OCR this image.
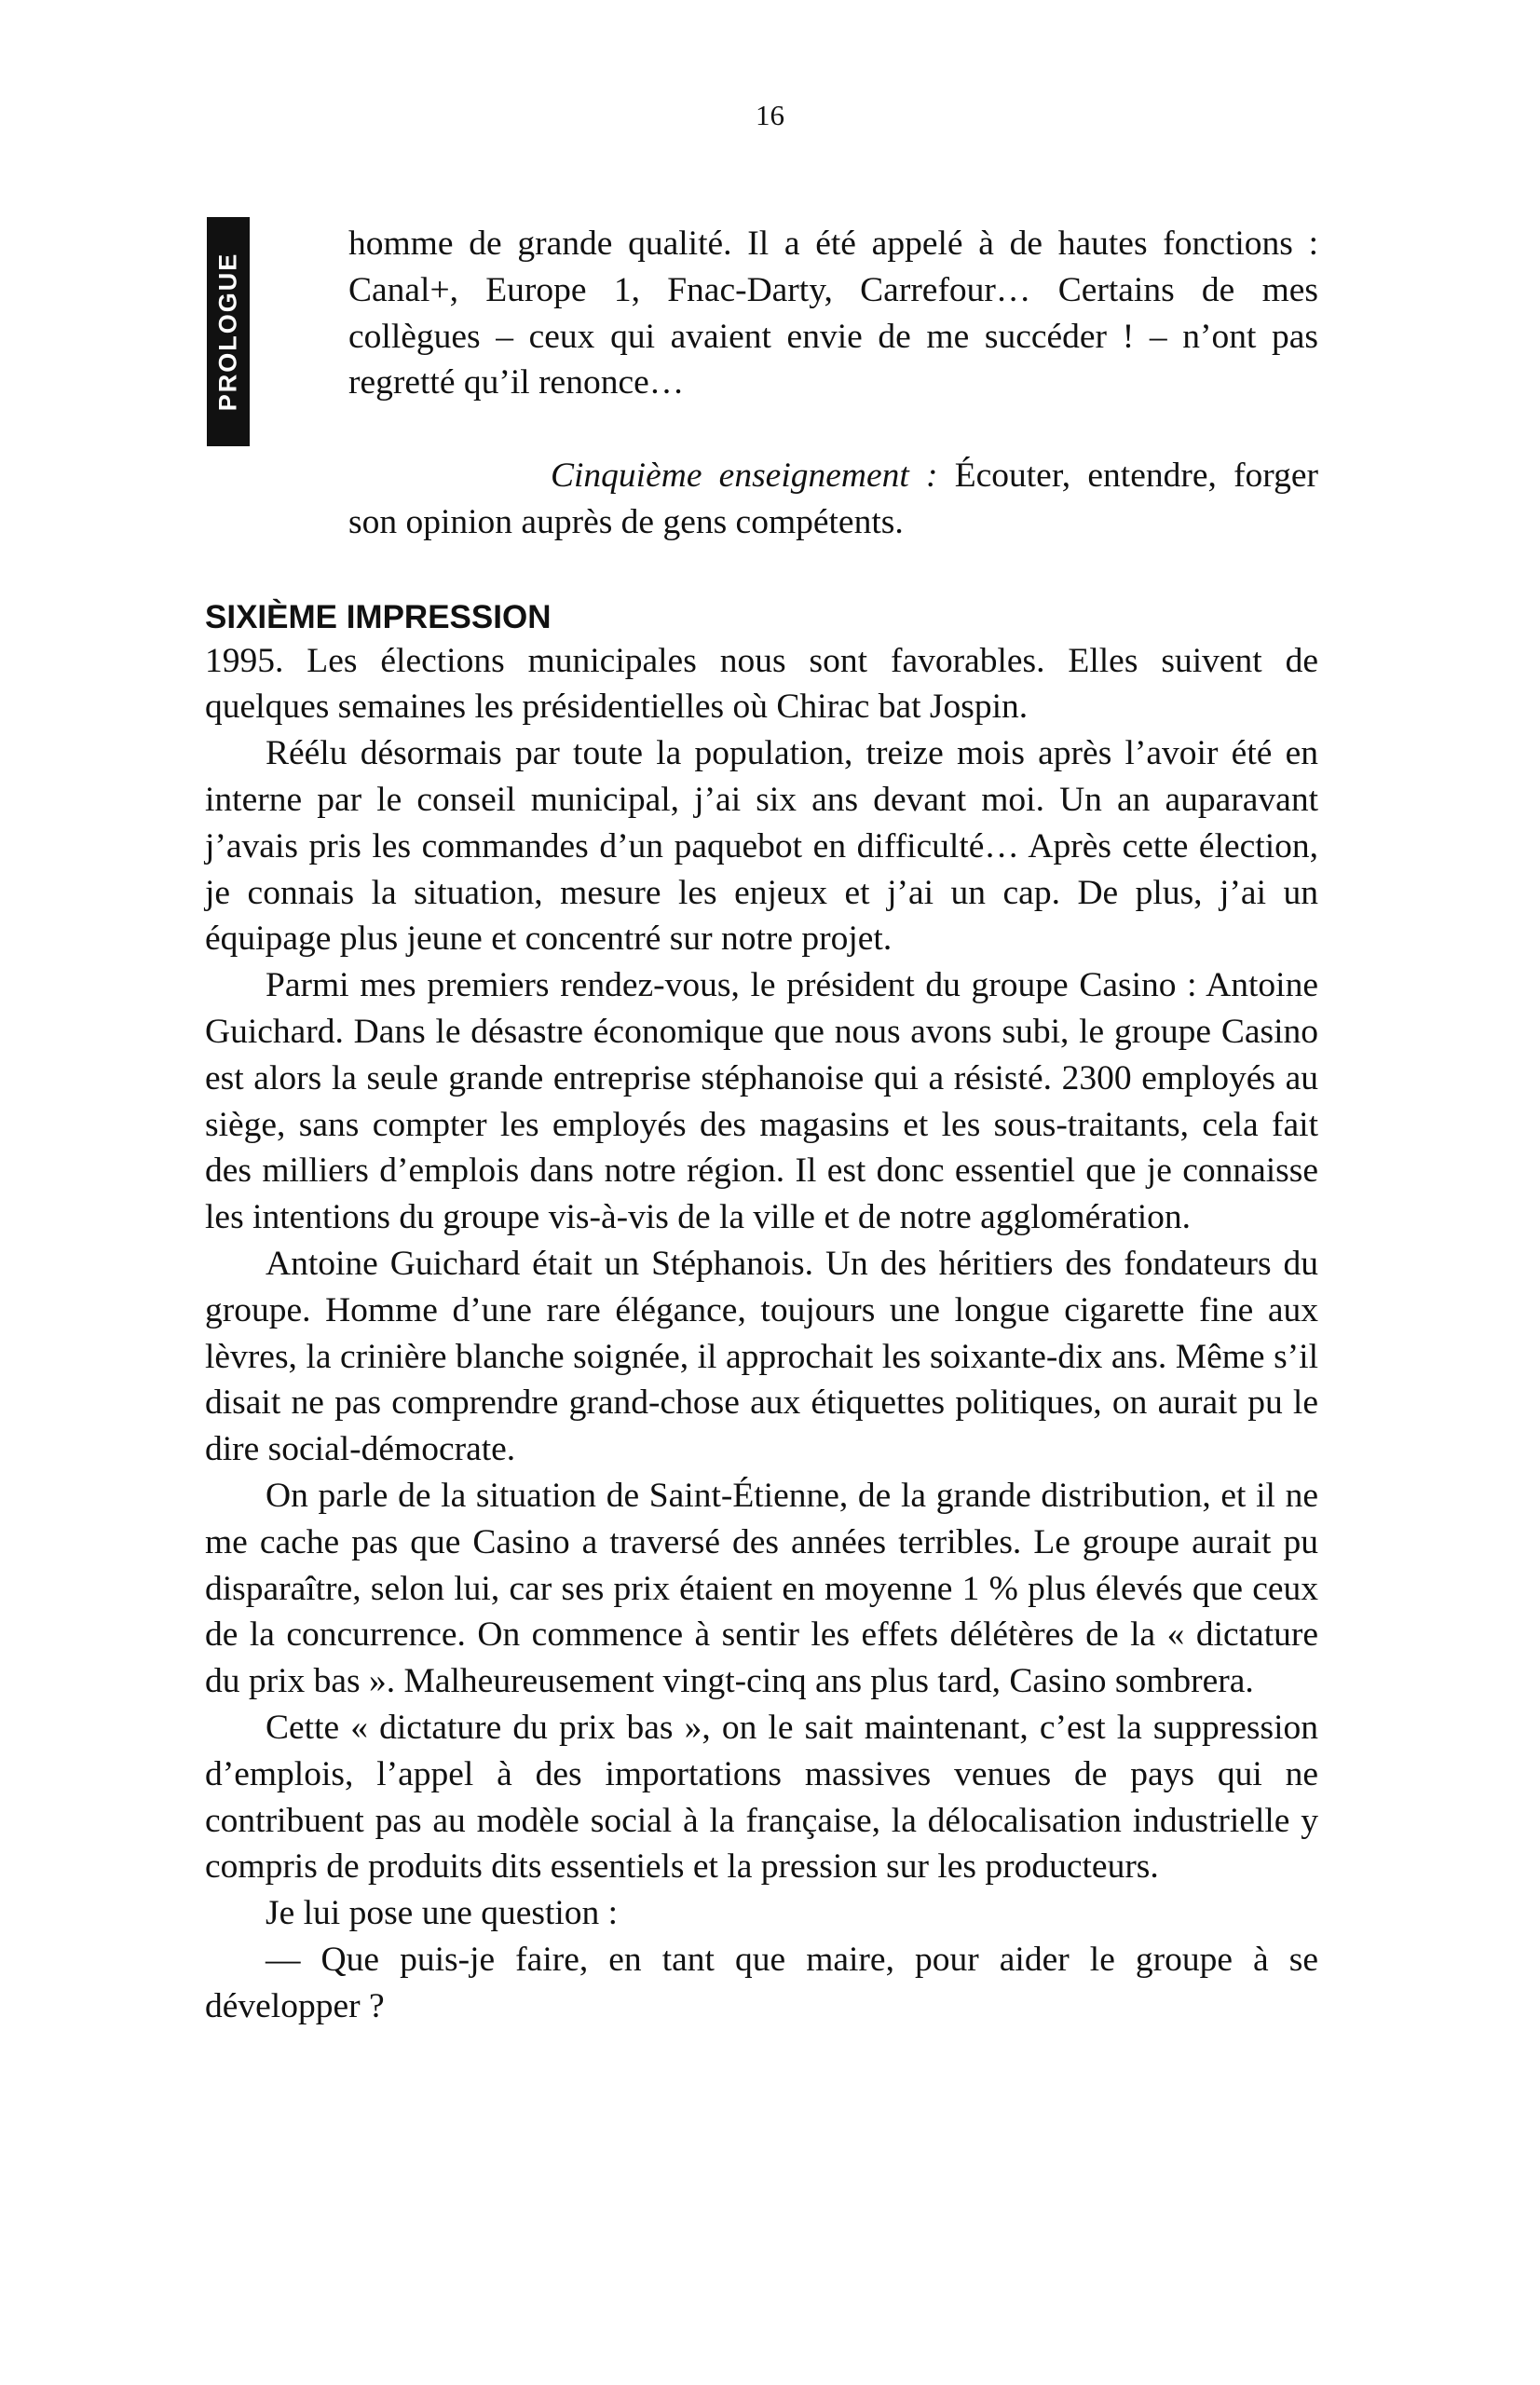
16
PROLOGUE

homme de grande qualité. Il a été appelé à de hautes fonctions : Canal+, Europe 1, Fnac-Darty, Carrefour… Certains de mes collègues – ceux qui avaient envie de me succéder ! – n’ont pas regretté qu’il renonce…

Cinquième enseignement : Écouter, entendre, forger son opinion auprès de gens compétents.

SIXIÈME IMPRESSION

1995. Les élections municipales nous sont favorables. Elles suivent de quelques semaines les présidentielles où Chirac bat Jospin.

Réélu désormais par toute la population, treize mois après l’avoir été en interne par le conseil municipal, j’ai six ans devant moi. Un an auparavant j’avais pris les commandes d’un paquebot en difficulté… Après cette élection, je connais la situation, mesure les enjeux et j’ai un cap. De plus, j’ai un équipage plus jeune et concentré sur notre projet.

Parmi mes premiers rendez-vous, le président du groupe Casino : Antoine Guichard. Dans le désastre économique que nous avons subi, le groupe Casino est alors la seule grande entreprise stéphanoise qui a résisté. 2300 employés au siège, sans compter les employés des magasins et les sous-traitants, cela fait des milliers d’emplois dans notre région. Il est donc essentiel que je connaisse les intentions du groupe vis-à-vis de la ville et de notre agglomération.

Antoine Guichard était un Stéphanois. Un des héritiers des fondateurs du groupe. Homme d’une rare élégance, toujours une longue cigarette fine aux lèvres, la crinière blanche soignée, il approchait les soixante-dix ans. Même s’il disait ne pas comprendre grand-chose aux étiquettes politiques, on aurait pu le dire social-démocrate.

On parle de la situation de Saint-Étienne, de la grande distribution, et il ne me cache pas que Casino a traversé des années terribles. Le groupe aurait pu disparaître, selon lui, car ses prix étaient en moyenne 1 % plus élevés que ceux de la concurrence. On commence à sentir les effets délétères de la « dictature du prix bas ». Malheureusement vingt-cinq ans plus tard, Casino sombrera.

Cette « dictature du prix bas », on le sait maintenant, c’est la suppression d’emplois, l’appel à des importations massives venues de pays qui ne contribuent pas au modèle social à la française, la délocalisation industrielle y compris de produits dits essentiels et la pression sur les producteurs.

Je lui pose une question :

— Que puis-je faire, en tant que maire, pour aider le groupe à se développer ?
